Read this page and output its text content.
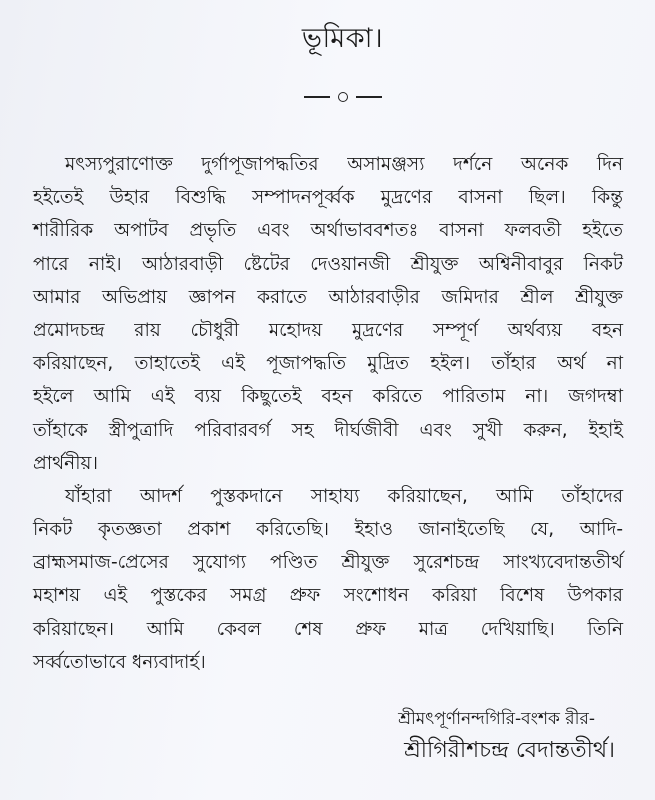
ভূমিকা।
মৎস্যপুরাণোক্ত দুর্গাপূজাপদ্ধতির অসামঞ্জস্য দর্শনে অনেক দিন
হইতেই উহার বিশুদ্ধি সম্পাদনপূর্ব্বক মুদ্রণের বাসনা ছিল। কিন্তু
শারীরিক অপাটব প্রভৃতি এবং অর্থাভাববশতঃ বাসনা ফলবতী হইতে
পারে নাই। আঠারবাড়ী ষ্টেটের দেওয়ানজী শ্রীযুক্ত অশ্বিনীবাবুর নিকট
আমার অভিপ্রায় জ্ঞাপন করাতে আঠারবাড়ীর জমিদার শ্রীল শ্রীযুক্ত
প্রমোদচন্দ্র রায় চৌধুরী মহোদয় মুদ্রণের সম্পূর্ণ অর্থব্যয় বহন
করিয়াছেন, তাহাতেই এই পূজাপদ্ধতি মুদ্রিত হইল। তাঁহার অর্থ না
হইলে আমি এই ব্যয় কিছুতেই বহন করিতে পারিতাম না। জগদম্বা
তাঁহাকে স্ত্রীপুত্রাদি পরিবারবর্গ সহ দীর্ঘজীবী এবং সুখী করুন, ইহাই
প্রার্থনীয়।
যাঁহারা আদর্শ পুস্তকদানে সাহায্য করিয়াছেন, আমি তাঁহাদের
নিকট কৃতজ্ঞতা প্রকাশ করিতেছি। ইহাও জানাইতেছি যে, আদি-
ব্রাহ্মসমাজ-প্রেসের সুযোগ্য পণ্ডিত শ্রীযুক্ত সুরেশচন্দ্র সাংখ্যবেদান্ততীর্থ
মহাশয় এই পুস্তকের সমগ্র প্রুফ সংশোধন করিয়া বিশেষ উপকার
করিয়াছেন। আমি কেবল শেষ প্রুফ মাত্র দেখিয়াছি। তিনি
সর্ব্বতোভাবে ধন্যবাদার্হ।
শ্রীমৎপূর্ণানন্দগিরি-বংশক রীর-
শ্রীগিরীশচন্দ্র বেদান্ততীর্থ।
